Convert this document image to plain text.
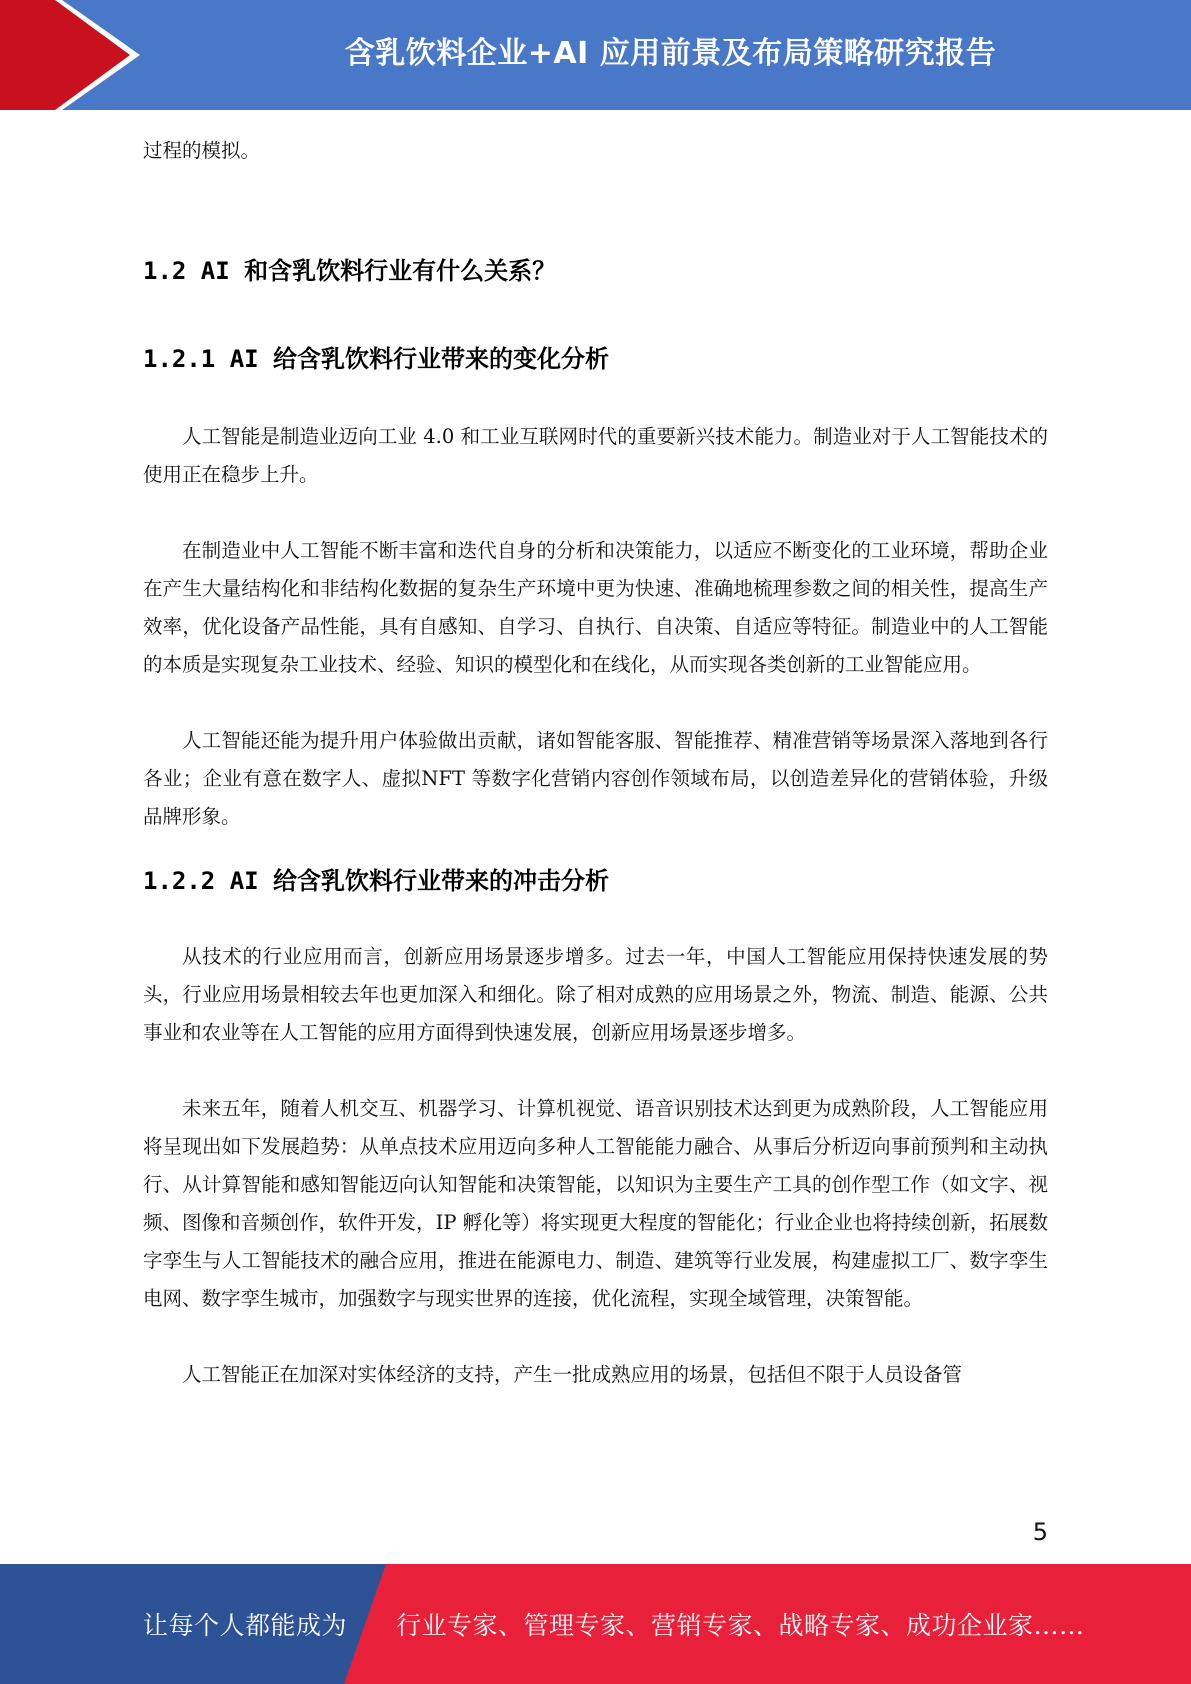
含乳饮料企业+AI 应用前景及布局策略研究报告

过程的模拟。

1.2 AI 和含乳饮料行业有什么关系？
1.2.1 AI 给含乳饮料行业带来的变化分析

人工智能是制造业迈向工业 4.0 和工业互联网时代的重要新兴技术能力。制造业对于人工智能技术的使用正在稳步上升。

在制造业中人工智能不断丰富和迭代自身的分析和决策能力，以适应不断变化的工业环境，帮助企业在产生大量结构化和非结构化数据的复杂生产环境中更为快速、准确地梳理参数之间的相关性，提高生产效率，优化设备产品性能，具有自感知、自学习、自执行、自决策、自适应等特征。制造业中的人工智能的本质是实现复杂工业技术、经验、知识的模型化和在线化，从而实现各类创新的工业智能应用。

人工智能还能为提升用户体验做出贡献，诸如智能客服、智能推荐、精准营销等场景深入落地到各行各业；企业有意在数字人、虚拟NFT 等数字化营销内容创作领域布局，以创造差异化的营销体验，升级品牌形象。

1.2.2 AI 给含乳饮料行业带来的冲击分析

从技术的行业应用而言，创新应用场景逐步增多。过去一年，中国人工智能应用保持快速发展的势头，行业应用场景相较去年也更加深入和细化。除了相对成熟的应用场景之外，物流、制造、能源、公共事业和农业等在人工智能的应用方面得到快速发展，创新应用场景逐步增多。

未来五年，随着人机交互、机器学习、计算机视觉、语音识别技术达到更为成熟阶段，人工智能应用将呈现出如下发展趋势：从单点技术应用迈向多种人工智能能力融合、从事后分析迈向事前预判和主动执行、从计算智能和感知智能迈向认知智能和决策智能，以知识为主要生产工具的创作型工作（如文字、视频、图像和音频创作，软件开发，IP 孵化等）将实现更大程度的智能化；行业企业也将持续创新，拓展数字孪生与人工智能技术的融合应用，推进在能源电力、制造、建筑等行业发展，构建虚拟工厂、数字孪生电网、数字孪生城市，加强数字与现实世界的连接，优化流程，实现全域管理，决策智能。

人工智能正在加深对实体经济的支持，产生一批成熟应用的场景，包括但不限于人员设备管

5
让每个人都能成为 行业专家、管理专家、营销专家、战略专家、成功企业家……
